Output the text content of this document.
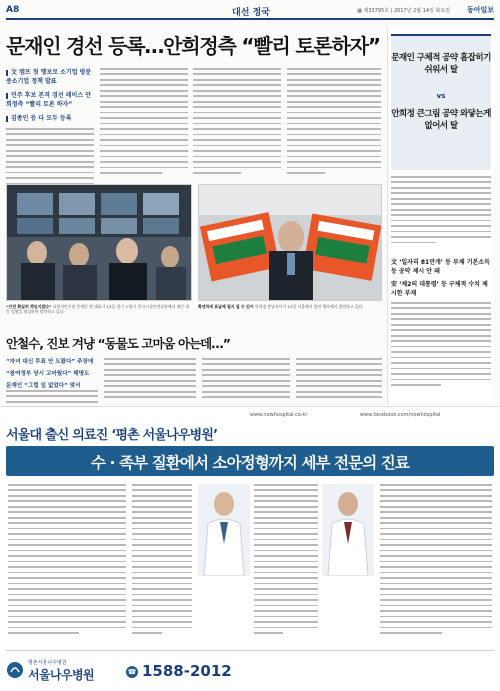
A8	대선 정국	▦ 제33795호 | 2017년 2월 14일 화요일 동아일보
문재인 경선 등록…안희정측 “빨리 토론하자”
文 캠프 첫 행보로 소기업 방문 중소기업 정책 발표
민주 후보 본격 경선 레이스 안희정측 “빨리 토론 하자”
김종인 등 다 모두 등록
“안전 확실히 책임지겠다” 더불어민주당 문재인 전 대표가 13일 경기 고양시 한국시설안전공단에서 재난 대응 상황을 점검하며 발언하고 있다.
확연하게 표날때 될지 될 수 있어 안희정 충남지사가 13일 서울에서 열린 행사에서 발언하고 있다.
문재인 구체적 공약 흠잡히기 쉬워서 탈
vs
안희정 큰그림 공약 와닿는게 없어서 탈
文 ‘일자리 81만개’ 등 부채 기본소득 등 공약 제시 안 돼
安 ‘제2의 대통령’ 등 구체적 수치 제시한 부재
안철수, 진보 겨냥 “동물도 고마움 아는데…”
“자녀 대신 투표 안 도왔다” 주장에
“참여정부 당시 고마웠다” 해명도
문재인 “그럴 일 없었다” 맞서
www.nowhospital.co.kr	www.facebook.com/nowhospital
서울대 출신 의료진 ‘평촌 서울나우병원’
수 · 족부 질환에서 소아정형까지 세부 전문의 진료
평촌서울나우병원
서울나우병원	☎ 1588-2012
